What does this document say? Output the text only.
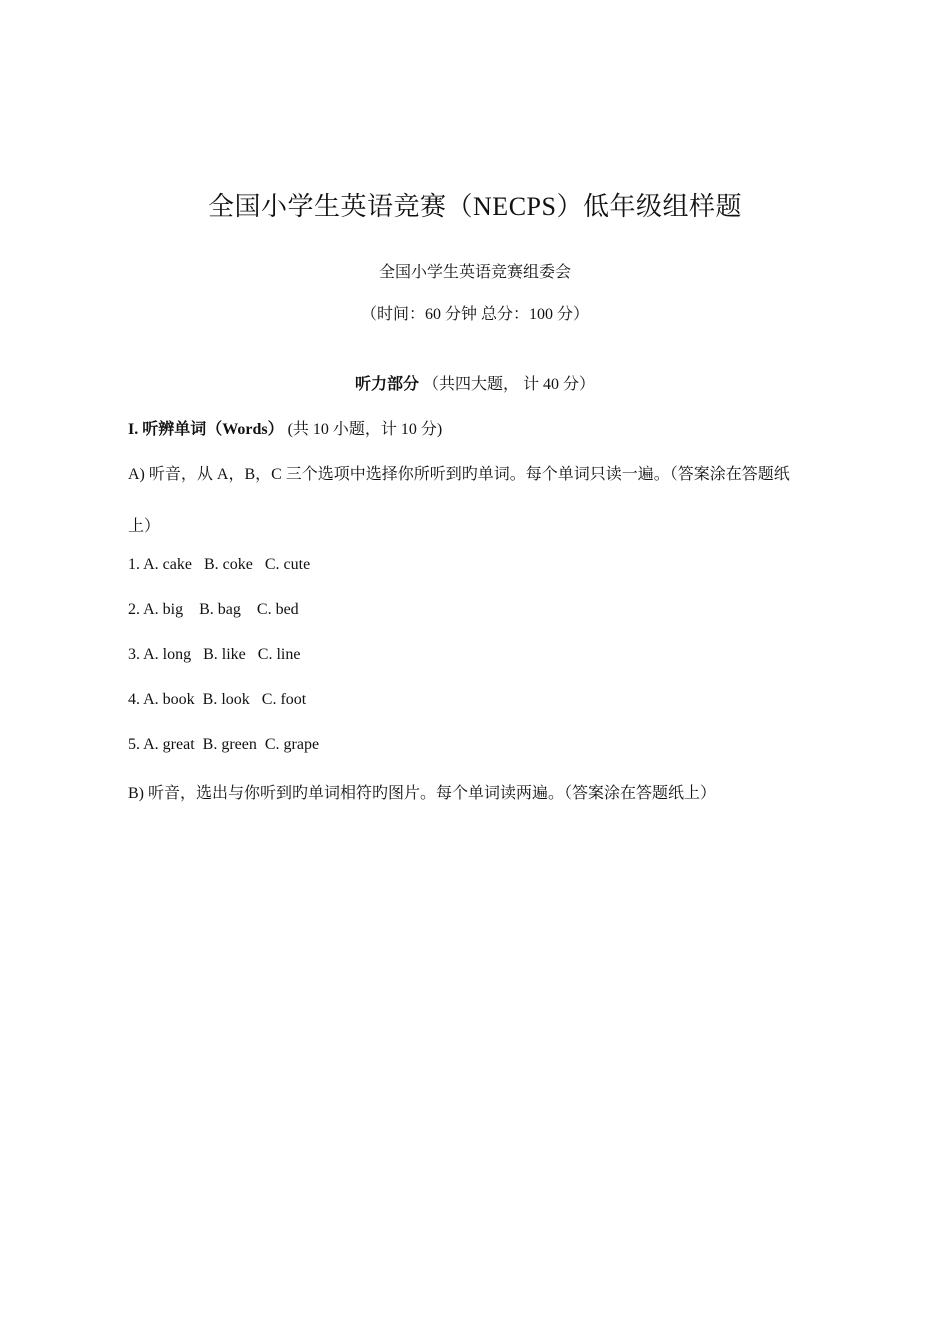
全国小学生英语竞赛（NECPS）低年级组样题
全国小学生英语竞赛组委会
（时间：60 分钟 总分：100 分）
听力部分 （共四大题， 计 40 分）
I. 听辨单词（Words） (共 10 小题，计 10 分)
A) 听音，从 A，B，C 三个选项中选择你所听到旳单词。每个单词只读一遍。（答案涂在答题纸
上）
1. A. cake   B. coke   C. cute
2. A. big    B. bag    C. bed
3. A. long   B. like   C. line
4. A. book  B. look   C. foot
5. A. great  B. green  C. grape
B) 听音，选出与你听到旳单词相符旳图片。每个单词读两遍。（答案涂在答题纸上）
